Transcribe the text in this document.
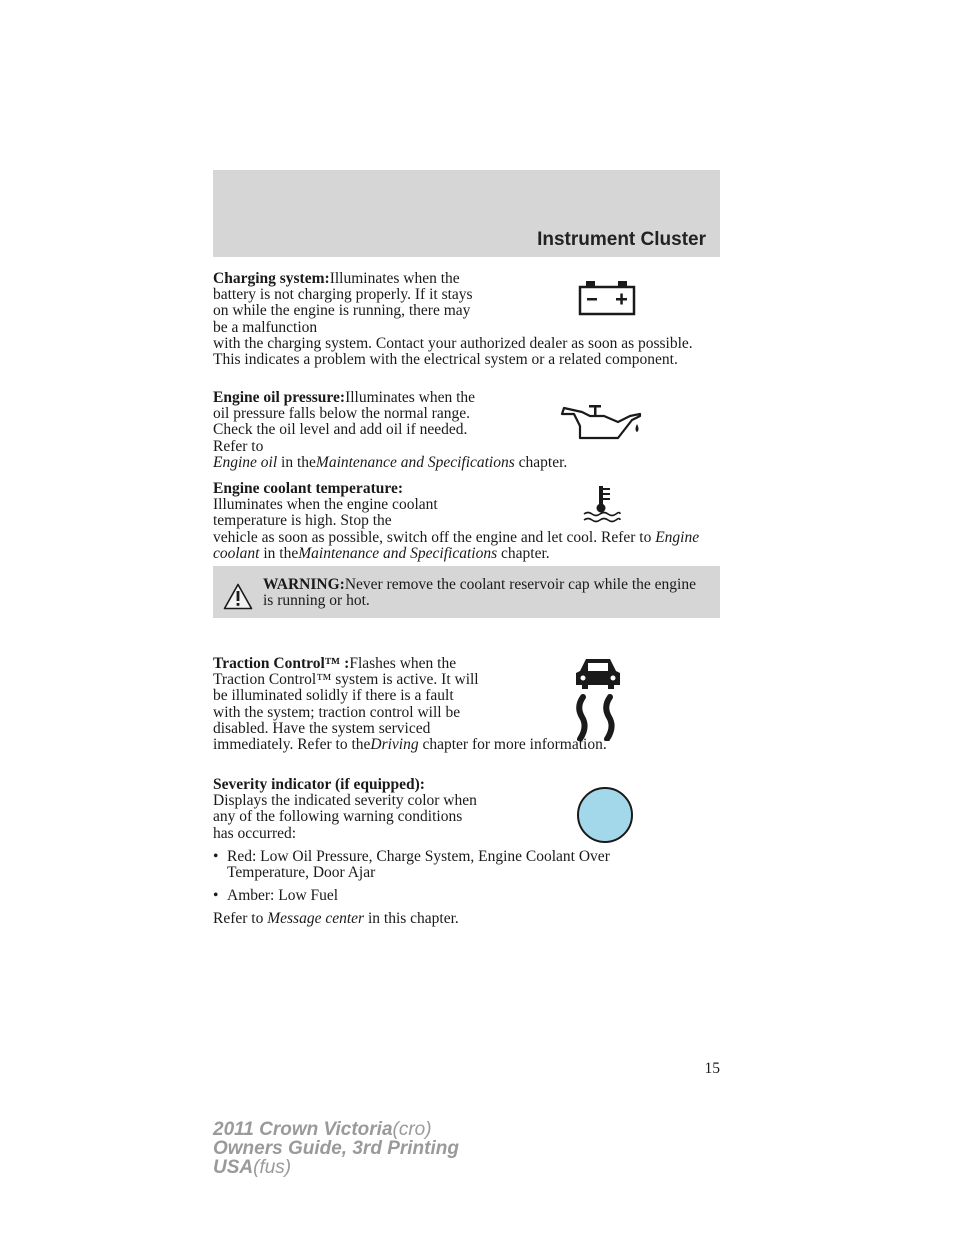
Instrument Cluster

Charging system:Illuminates when the battery is not charging properly. If it stays on while the engine is running, there may be a malfunction

with the charging system. Contact your authorized dealer as soon as possible. This indicates a problem with the electrical system or a related component.

Engine oil pressure:Illuminates when the oil pressure falls below the normal range. Check the oil level and add oil if needed. Refer to

Engine oil in theMaintenance and Specifications chapter.

Engine coolant temperature:
Illuminates when the engine coolant temperature is high. Stop the

vehicle as soon as possible, switch off the engine and let cool. Refer to Engine coolant in theMaintenance and Specifications chapter.

WARNING:Never remove the coolant reservoir cap while the engine is running or hot.

Traction Control™ :Flashes when the Traction Control™ system is active. It will be illuminated solidly if there is a fault with the system; traction control will be disabled. Have the system serviced

immediately. Refer to theDriving chapter for more information.

Severity indicator (if equipped):
Displays the indicated severity color when any of the following warning conditions has occurred:

• Red: Low Oil Pressure, Charge System, Engine Coolant Over Temperature, Door Ajar
• Amber: Low Fuel

Refer to Message center in this chapter.

15
2011 Crown Victoria(cro)
Owners Guide, 3rd Printing
USA(fus)
